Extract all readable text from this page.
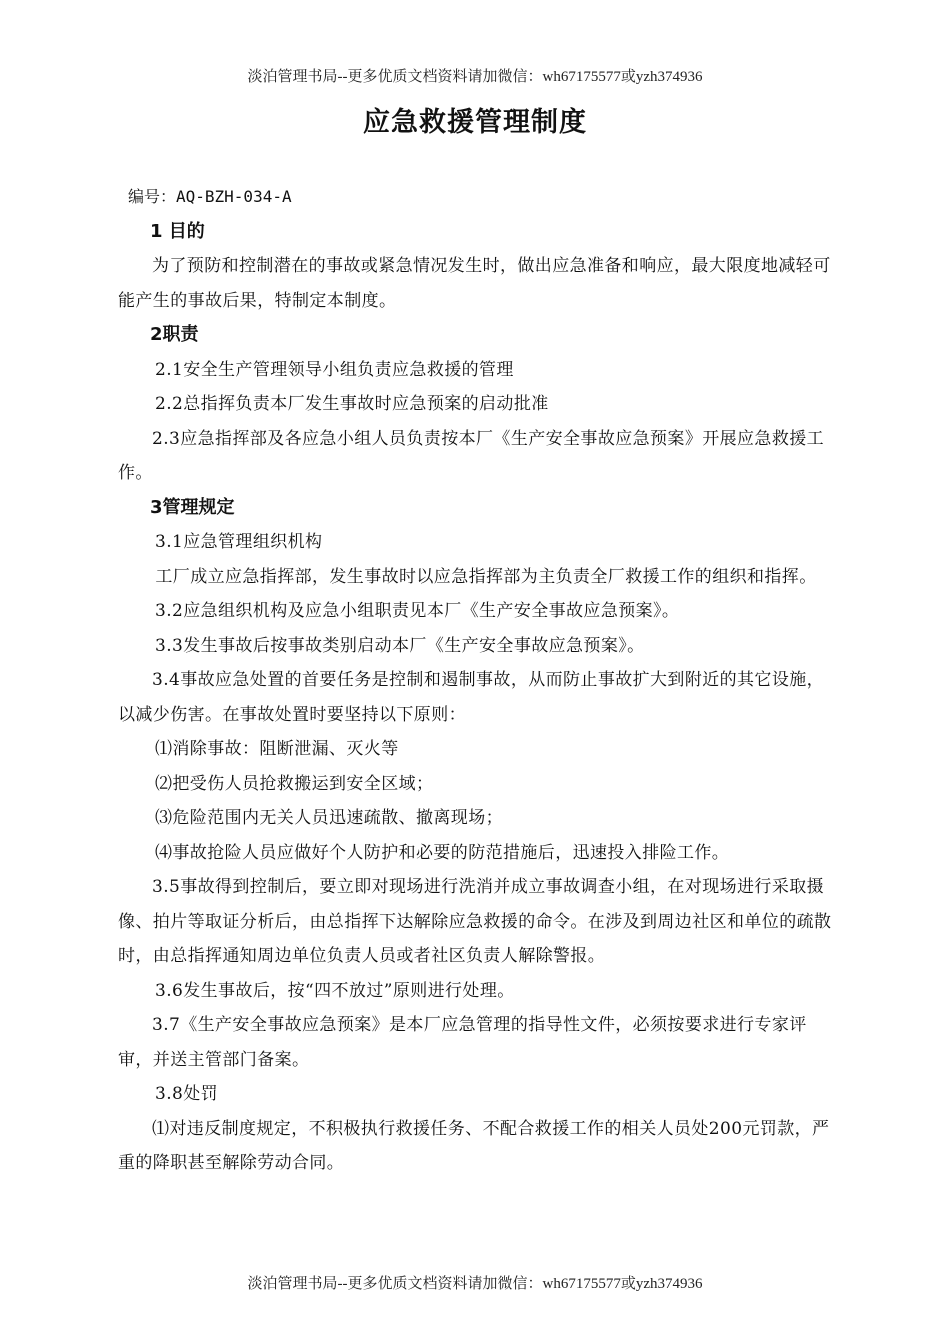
淡泊管理书局--更多优质文档资料请加微信：wh67175577或yzh374936
应急救援管理制度

编号：AQ-BZH-034-A

1 目的

为了预防和控制潜在的事故或紧急情况发生时，做出应急准备和响应，最大限度地减轻可能产生的事故后果，特制定本制度。

2职责

2.1安全生产管理领导小组负责应急救援的管理

2.2总指挥负责本厂发生事故时应急预案的启动批准

2.3应急指挥部及各应急小组人员负责按本厂《生产安全事故应急预案》开展应急救援工作。

3管理规定

3.1应急管理组织机构

工厂成立应急指挥部，发生事故时以应急指挥部为主负责全厂救援工作的组织和指挥。

3.2应急组织机构及应急小组职责见本厂《生产安全事故应急预案》。

3.3发生事故后按事故类别启动本厂《生产安全事故应急预案》。

3.4事故应急处置的首要任务是控制和遏制事故，从而防止事故扩大到附近的其它设施，以减少伤害。在事故处置时要坚持以下原则：

⑴消除事故：阻断泄漏、灭火等

⑵把受伤人员抢救搬运到安全区域；

⑶危险范围内无关人员迅速疏散、撤离现场；

⑷事故抢险人员应做好个人防护和必要的防范措施后，迅速投入排险工作。

3.5事故得到控制后，要立即对现场进行洗消并成立事故调查小组，在对现场进行采取摄像、拍片等取证分析后，由总指挥下达解除应急救援的命令。在涉及到周边社区和单位的疏散时，由总指挥通知周边单位负责人员或者社区负责人解除警报。

3.6发生事故后，按“四不放过”原则进行处理。

3.7《生产安全事故应急预案》是本厂应急管理的指导性文件，必须按要求进行专家评审，并送主管部门备案。

3.8处罚

⑴对违反制度规定，不积极执行救援任务、不配合救援工作的相关人员处200元罚款，严重的降职甚至解除劳动合同。

淡泊管理书局--更多优质文档资料请加微信：wh67175577或yzh374936
